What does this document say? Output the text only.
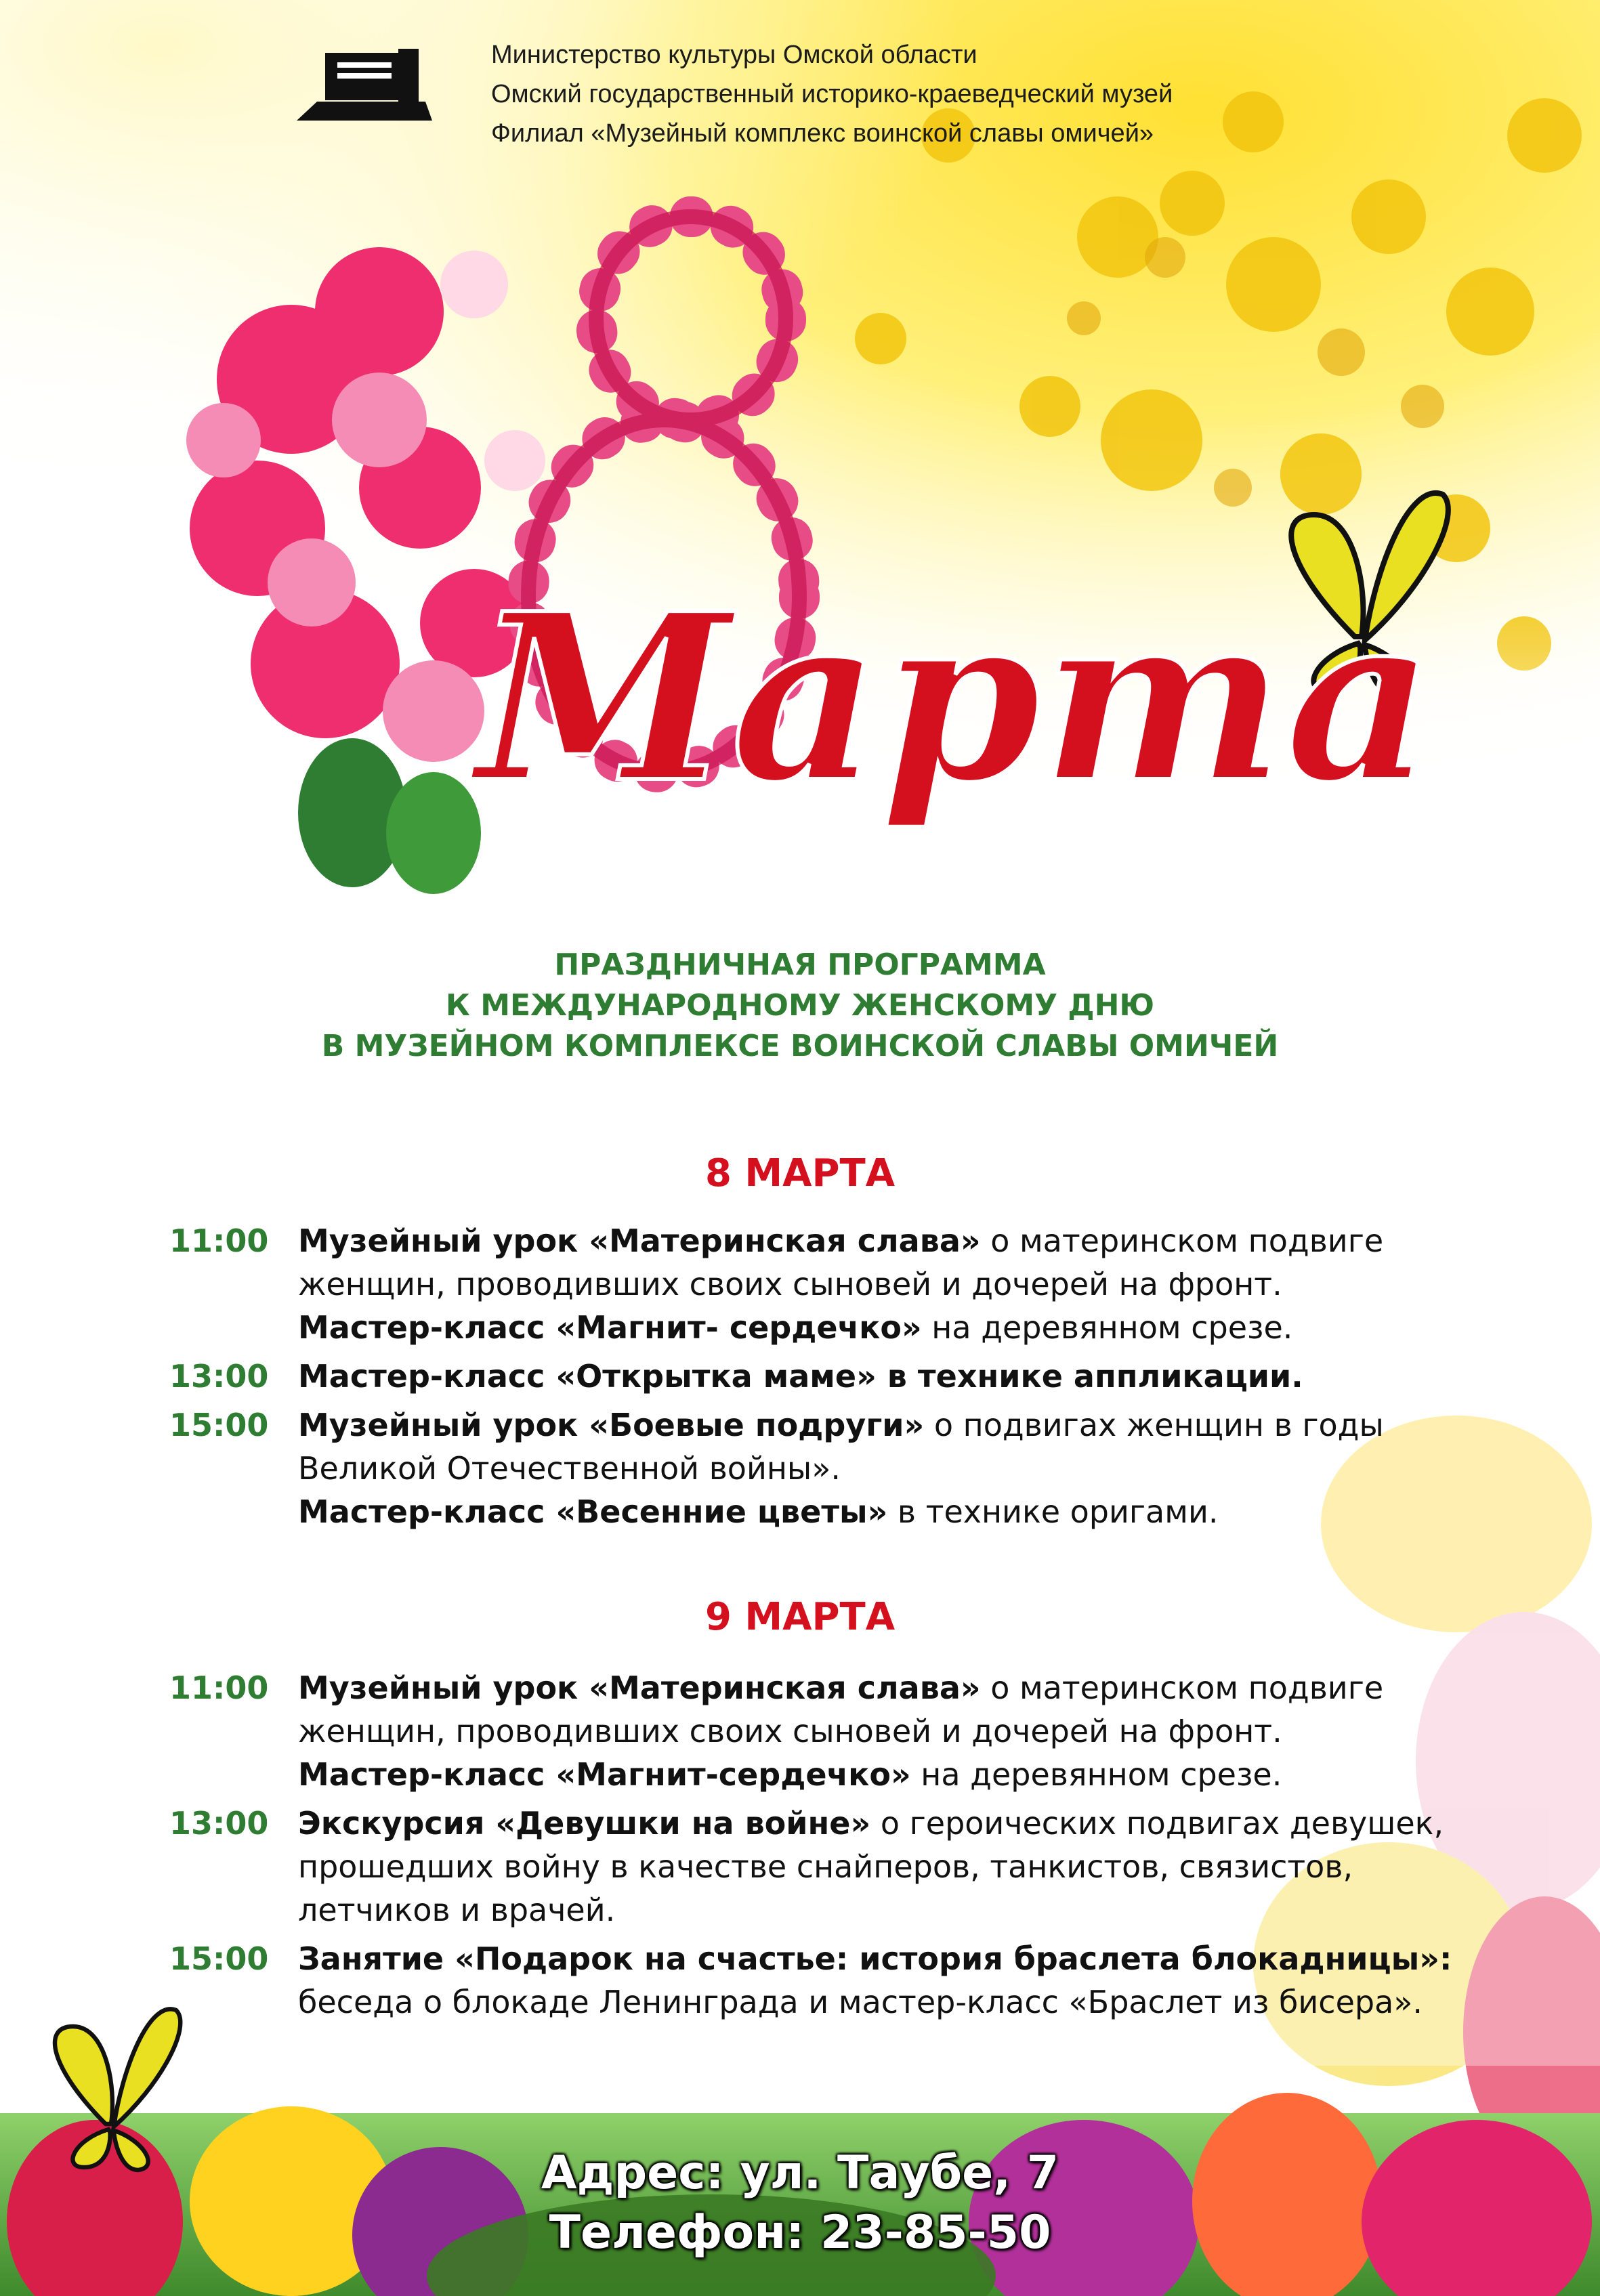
Марта
Министерство культуры Омской области
Омский государственный историко-краеведческий музей
Филиал «Музейный комплекс воинской славы омичей»
ПРАЗДНИЧНАЯ ПРОГРАММА
К МЕЖДУНАРОДНОМУ ЖЕНСКОМУ ДНЮ
В МУЗЕЙНОМ КОМПЛЕКСЕ ВОИНСКОЙ СЛАВЫ ОМИЧЕЙ
8 МАРТА
11:00 Музейный урок «Материнская слава» о материнском подвиге
женщин, проводивших своих сыновей и дочерей на фронт.
Мастер-класс «Магнит- сердечко» на деревянном срезе.
13:00 Мастер-класс «Открытка маме» в технике аппликации.
15:00 Музейный урок «Боевые подруги» о подвигах женщин в годы
Великой Отечественной войны».
Мастер-класс «Весенние цветы» в технике оригами.
9 МАРТА
11:00 Музейный урок «Материнская слава» о материнском подвиге
женщин, проводивших своих сыновей и дочерей на фронт.
Мастер-класс «Магнит-сердечко» на деревянном срезе.
13:00 Экскурсия «Девушки на войне» о героических подвигах девушек,
прошедших войну в качестве снайперов, танкистов, связистов,
летчиков и врачей.
15:00 Занятие «Подарок на счастье: история браслета блокадницы»:
беседа о блокаде Ленинграда и мастер-класс «Браслет из бисера».
Адрес: ул. Таубе, 7
Телефон: 23-85-50
